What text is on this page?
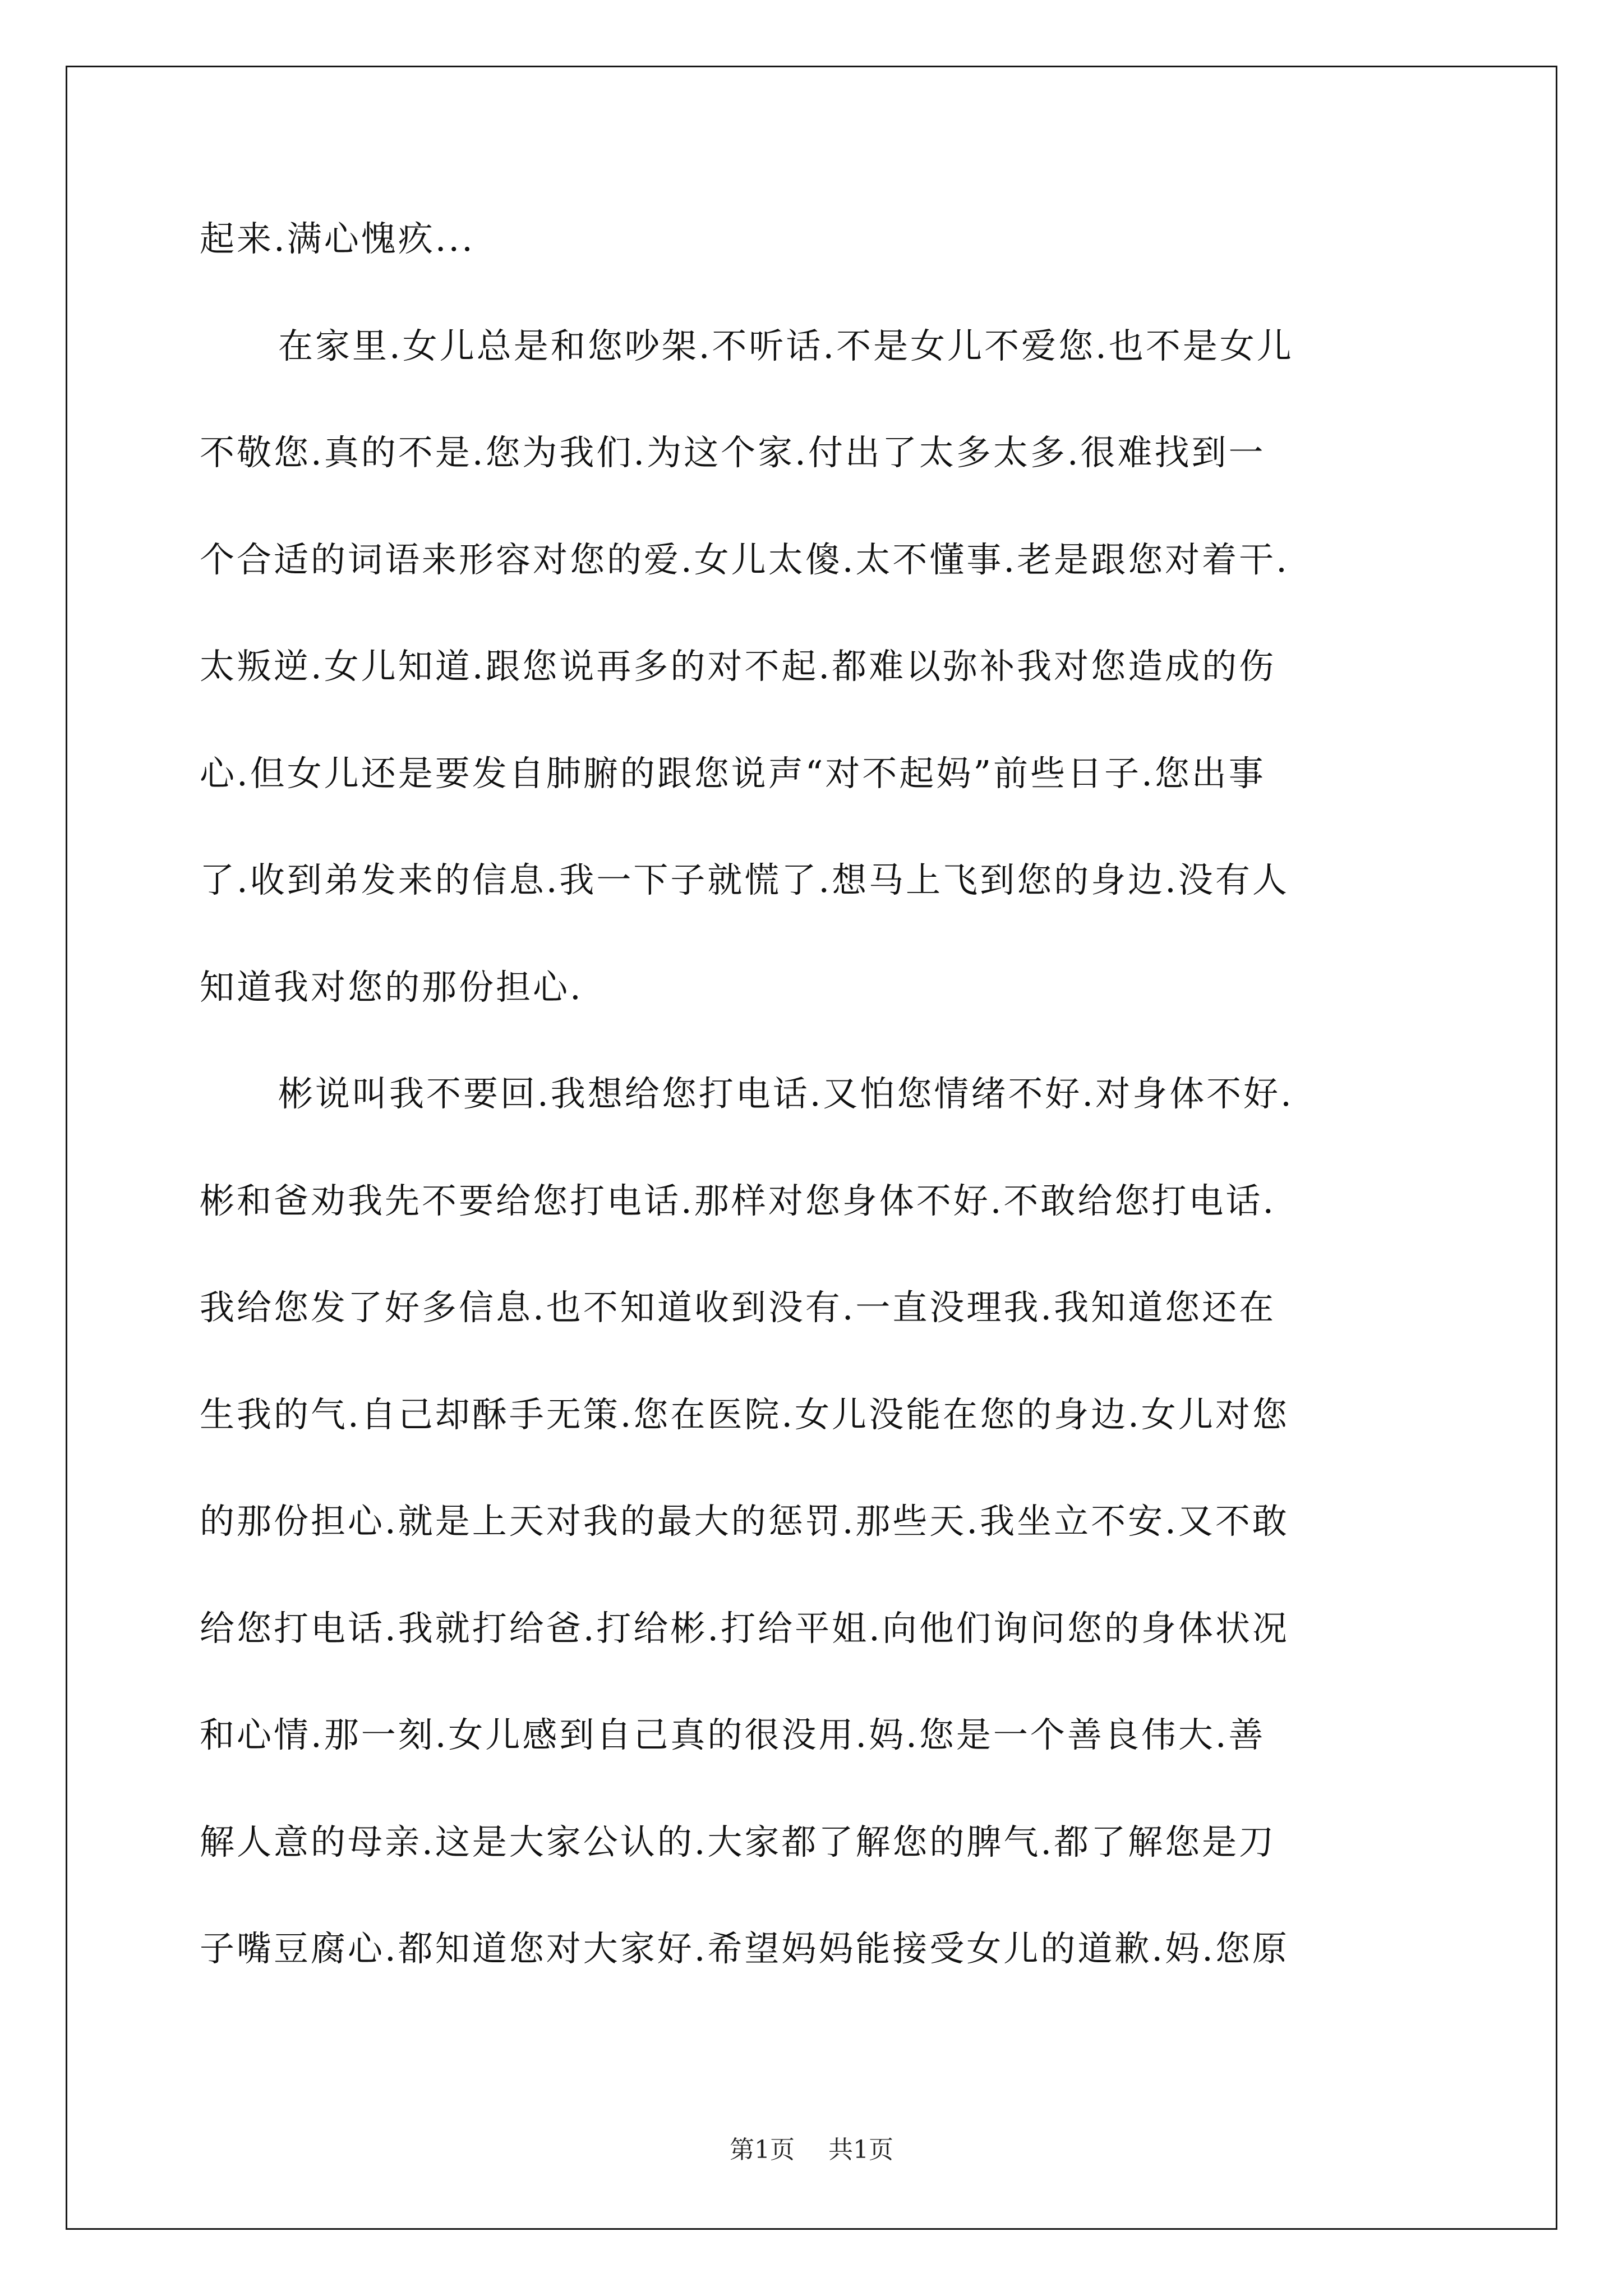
起来.满心愧疚...
在家里.女儿总是和您吵架.不听话.不是女儿不爱您.也不是女儿
不敬您.真的不是.您为我们.为这个家.付出了太多太多.很难找到一
个合适的词语来形容对您的爱.女儿太傻.太不懂事.老是跟您对着干.
太叛逆.女儿知道.跟您说再多的对不起.都难以弥补我对您造成的伤
心.但女儿还是要发自肺腑的跟您说声“对不起妈”前些日子.您出事
了.收到弟发来的信息.我一下子就慌了.想马上飞到您的身边.没有人
知道我对您的那份担心.
彬说叫我不要回.我想给您打电话.又怕您情绪不好.对身体不好.
彬和爸劝我先不要给您打电话.那样对您身体不好.不敢给您打电话.
我给您发了好多信息.也不知道收到没有.一直没理我.我知道您还在
生我的气.自己却酥手无策.您在医院.女儿没能在您的身边.女儿对您
的那份担心.就是上天对我的最大的惩罚.那些天.我坐立不安.又不敢
给您打电话.我就打给爸.打给彬.打给平姐.向他们询问您的身体状况
和心情.那一刻.女儿感到自己真的很没用.妈.您是一个善良伟大.善
解人意的母亲.这是大家公认的.大家都了解您的脾气.都了解您是刀
子嘴豆腐心.都知道您对大家好.希望妈妈能接受女儿的道歉.妈.您原
第1页 共1页
